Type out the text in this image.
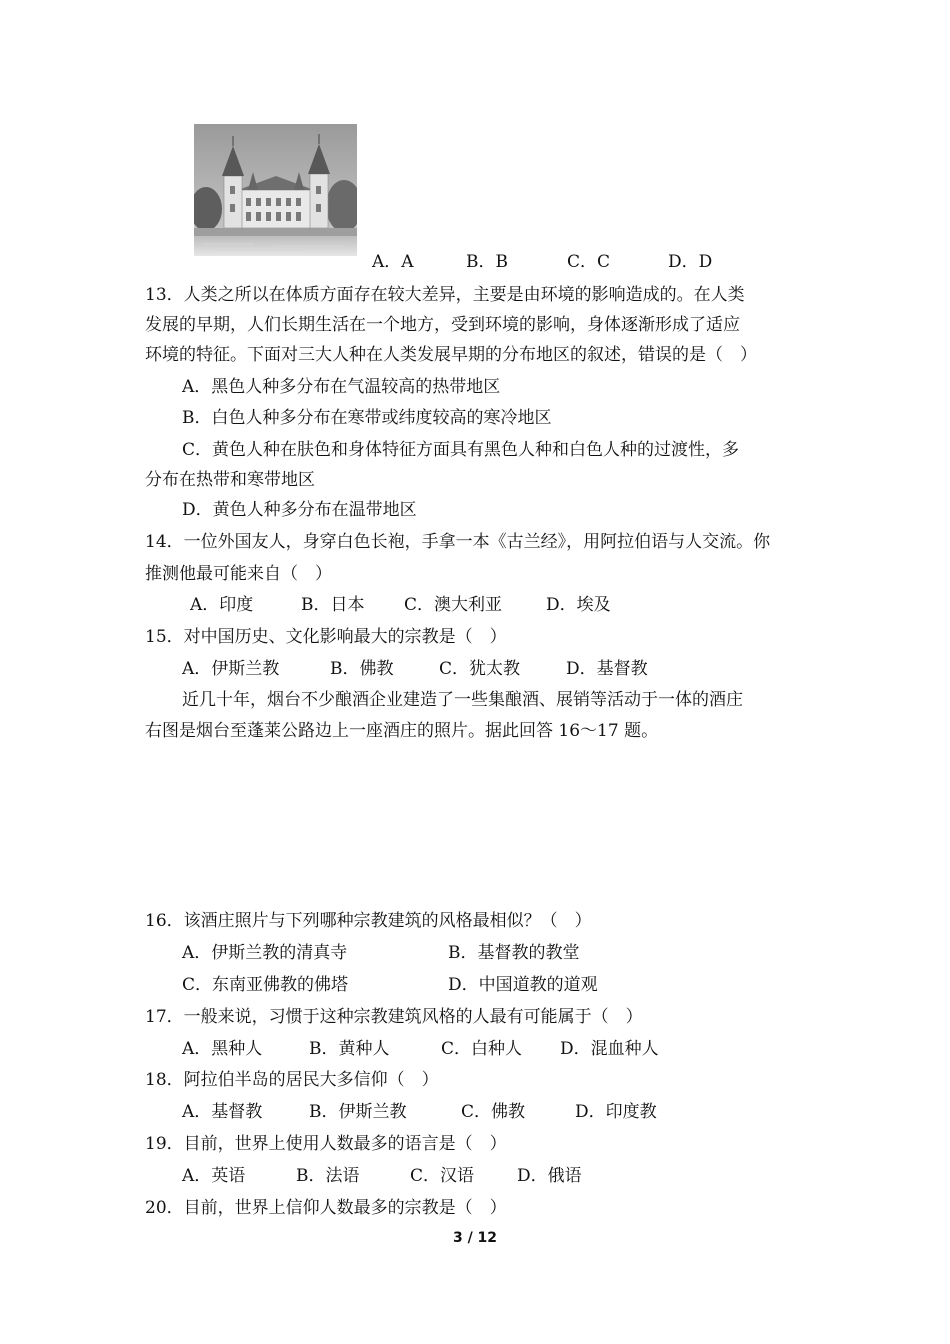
A．A	B．B	C．C	D．D
13．人类之所以在体质方面存在较大差异，主要是由环境的影响造成的。在人类
发展的早期，人们长期生活在一个地方，受到环境的影响，身体逐渐形成了适应
环境的特征。下面对三大人种在人类发展早期的分布地区的叙述，错误的是（　）
A．黑色人种多分布在气温较高的热带地区
B．白色人种多分布在寒带或纬度较高的寒冷地区
C．黄色人种在肤色和身体特征方面具有黑色人种和白色人种的过渡性，多
分布在热带和寒带地区
D．黄色人种多分布在温带地区
14．一位外国友人，身穿白色长袍，手拿一本《古兰经》，用阿拉伯语与人交流。你
推测他最可能来自（　）
A．印度	B．日本 C．澳大利亚	D．埃及
15．对中国历史、文化影响最大的宗教是（　）
A．伊斯兰教	B．佛教	C．犹太教	D．基督教
近几十年，烟台不少酿酒企业建造了一些集酿酒、展销等活动于一体的酒庄
右图是烟台至蓬莱公路边上一座酒庄的照片。据此回答 16～17 题。
16．该酒庄照片与下列哪种宗教建筑的风格最相似？（　）
A．伊斯兰教的清真寺	B．基督教的教堂
C．东南亚佛教的佛塔	D．中国道教的道观
17．一般来说，习惯于这种宗教建筑风格的人最有可能属于（　）
A．黑种人	B．黄种人	C．白种人 D．混血种人
18．阿拉伯半岛的居民大多信仰（　）
A．基督教	B．伊斯兰教	C．佛教	D．印度教
19．目前，世界上使用人数最多的语言是（　）
A．英语	B．法语	C．汉语	D．俄语
20．目前，世界上信仰人数最多的宗教是（　）
3 / 12
